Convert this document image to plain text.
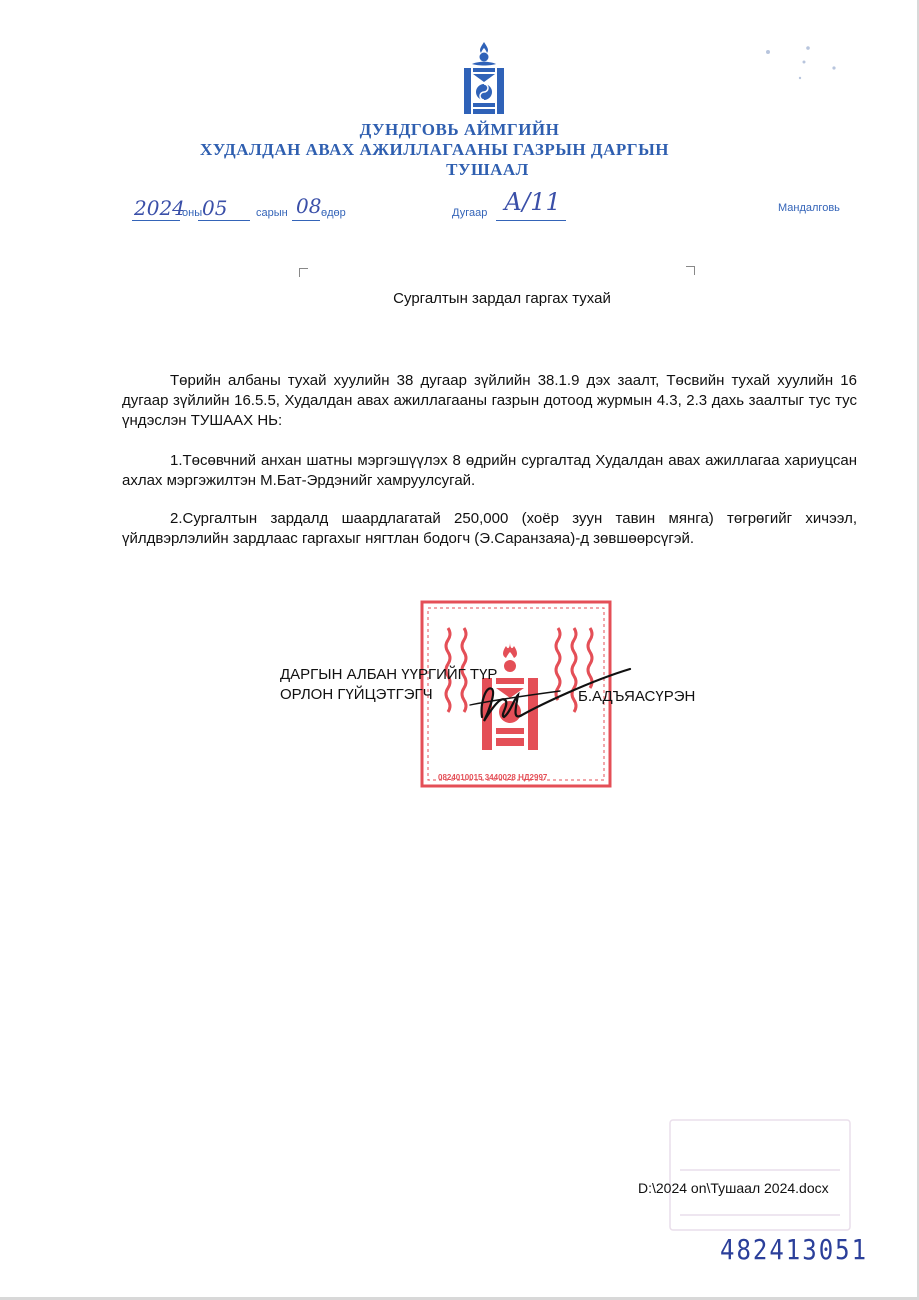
ДУНДГОВЬ АЙМГИЙН
ХУДАЛДАН АВАХ АЖИЛЛАГААНЫ ГАЗРЫН ДАРГЫН
ТУШААЛ
2024
оны 05	сарын 08 өдөр	Дугаар А/11	Мандалговь
Сургалтын зардал гаргах тухай

Төрийн албаны тухай хуулийн 38 дугаар зүйлийн 38.1.9 дэх заалт, Төсвийн тухай хуулийн 16 дугаар зүйлийн 16.5.5, Худалдан авах ажиллагааны газрын дотоод журмын 4.3, 2.3 дахь заалтыг тус тус үндэслэн ТУШААХ НЬ:

1.Төсөвчний анхан шатны мэргэшүүлэх 8 өдрийн сургалтад Худалдан авах ажиллагаа хариуцсан ахлах мэргэжилтэн М.Бат-Эрдэнийг хамруулсугай.

2.Сургалтын зардалд шаардлагатай 250,000 (хоёр зуун тавин мянга) төгрөгийг хичээл, үйлдвэрлэлийн зардлаас гаргахыг нягтлан бодогч (Э.Саранзаяа)-д зөвшөөрсүгэй.

0824010015 3440028 НД2997
ДАРГЫН АЛБАН ҮҮРГИЙГ ТҮР
ОРЛОН ГҮЙЦЭТГЭГЧ	Б.АДЪЯАСҮРЭН
D:\2024 оn\Тушаал 2024.docx
482413051
